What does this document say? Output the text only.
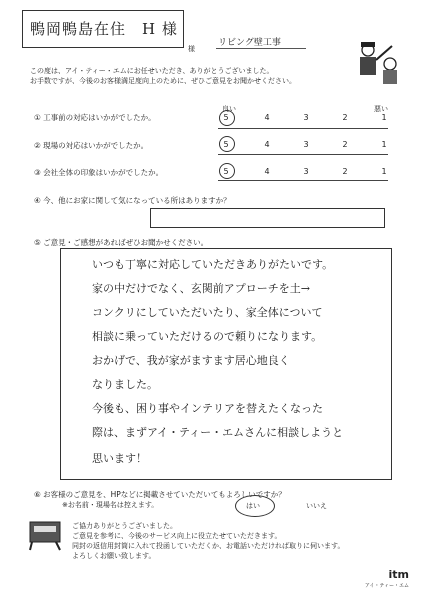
鴨岡鴨島在住　H 様
様
リビング壁工事
この度は、アイ・ティー・エムにお任せいただき、ありがとうございました。
お手数ですが、今後のお客様満足度向上のために、ぜひご意見をお聞かせください。
良い	悪い
① 工事前の対応はいかがでしたか。	5	4	3	2	1
② 現場の対応はいかがでしたか。	5	4	3	2	1
③ 会社全体の印象はいかがでしたか。	5	4	3	2	1
④ 今、他にお家に関して気になっている所はありますか？
⑤ ご意見・ご感想があればぜひお聞かせください。
いつも丁寧に対応していただきありがたいです。
家の中だけでなく、玄関前アプローチを土→
コンクリにしていただいたり、家全体について
相談に乗っていただけるので頼りになります。
おかげで、我が家がますます居心地良く
なりました。
今後も、困り事やインテリアを替えたくなった
際は、まずアイ・ティー・エムさんに相談しようと
思います！
⑥ お客様のご意見を、HPなどに掲載させていただいてもよろしいですか？
※お名前・現場名は控えます。	はい	いいえ
ご協力ありがとうございました。
ご意見を参考に、今後のサービス向上に役立たせていただきます。
同封の返信用封筒に入れて投函していただくか、お電話いただければ取りに伺います。
よろしくお願い致します。
itm
アイ・ティー・エム
